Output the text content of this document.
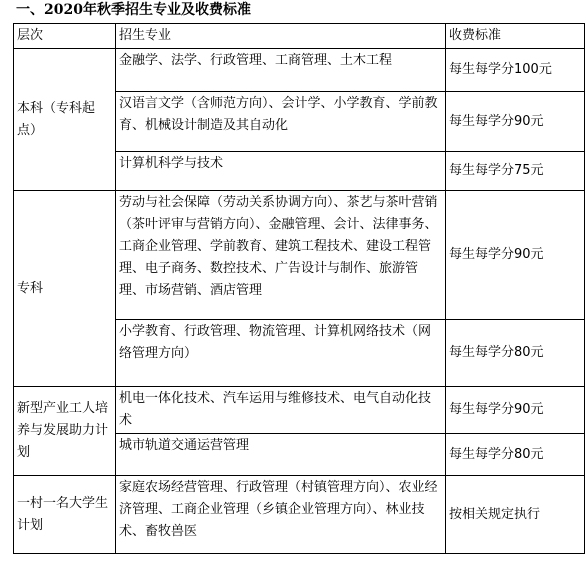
一、2020年秋季招生专业及收费标准
层次	招生专业	收费标准
本科（专科起点）	金融学、法学、行政管理、工商管理、土木工程	每生每学分100元
	汉语言文学（含师范方向）、会计学、小学教育、学前教育、机械设计制造及其自动化	每生每学分90元
	计算机科学与技术	每生每学分75元
专科	劳动与社会保障（劳动关系协调方向）、茶艺与茶叶营销（茶叶评审与营销方向）、金融管理、会计、法律事务、工商企业管理、学前教育、建筑工程技术、建设工程管理、电子商务、数控技术、广告设计与制作、旅游管理、市场营销、酒店管理	每生每学分90元
	小学教育、行政管理、物流管理、计算机网络技术（网络管理方向）	每生每学分80元
新型产业工人培养与发展助力计划	机电一体化技术、汽车运用与维修技术、电气自动化技术	每生每学分90元
	城市轨道交通运营管理	每生每学分80元
一村一名大学生计划	家庭农场经营管理、行政管理（村镇管理方向）、农业经济管理、工商企业管理（乡镇企业管理方向）、林业技术、畜牧兽医	按相关规定执行
